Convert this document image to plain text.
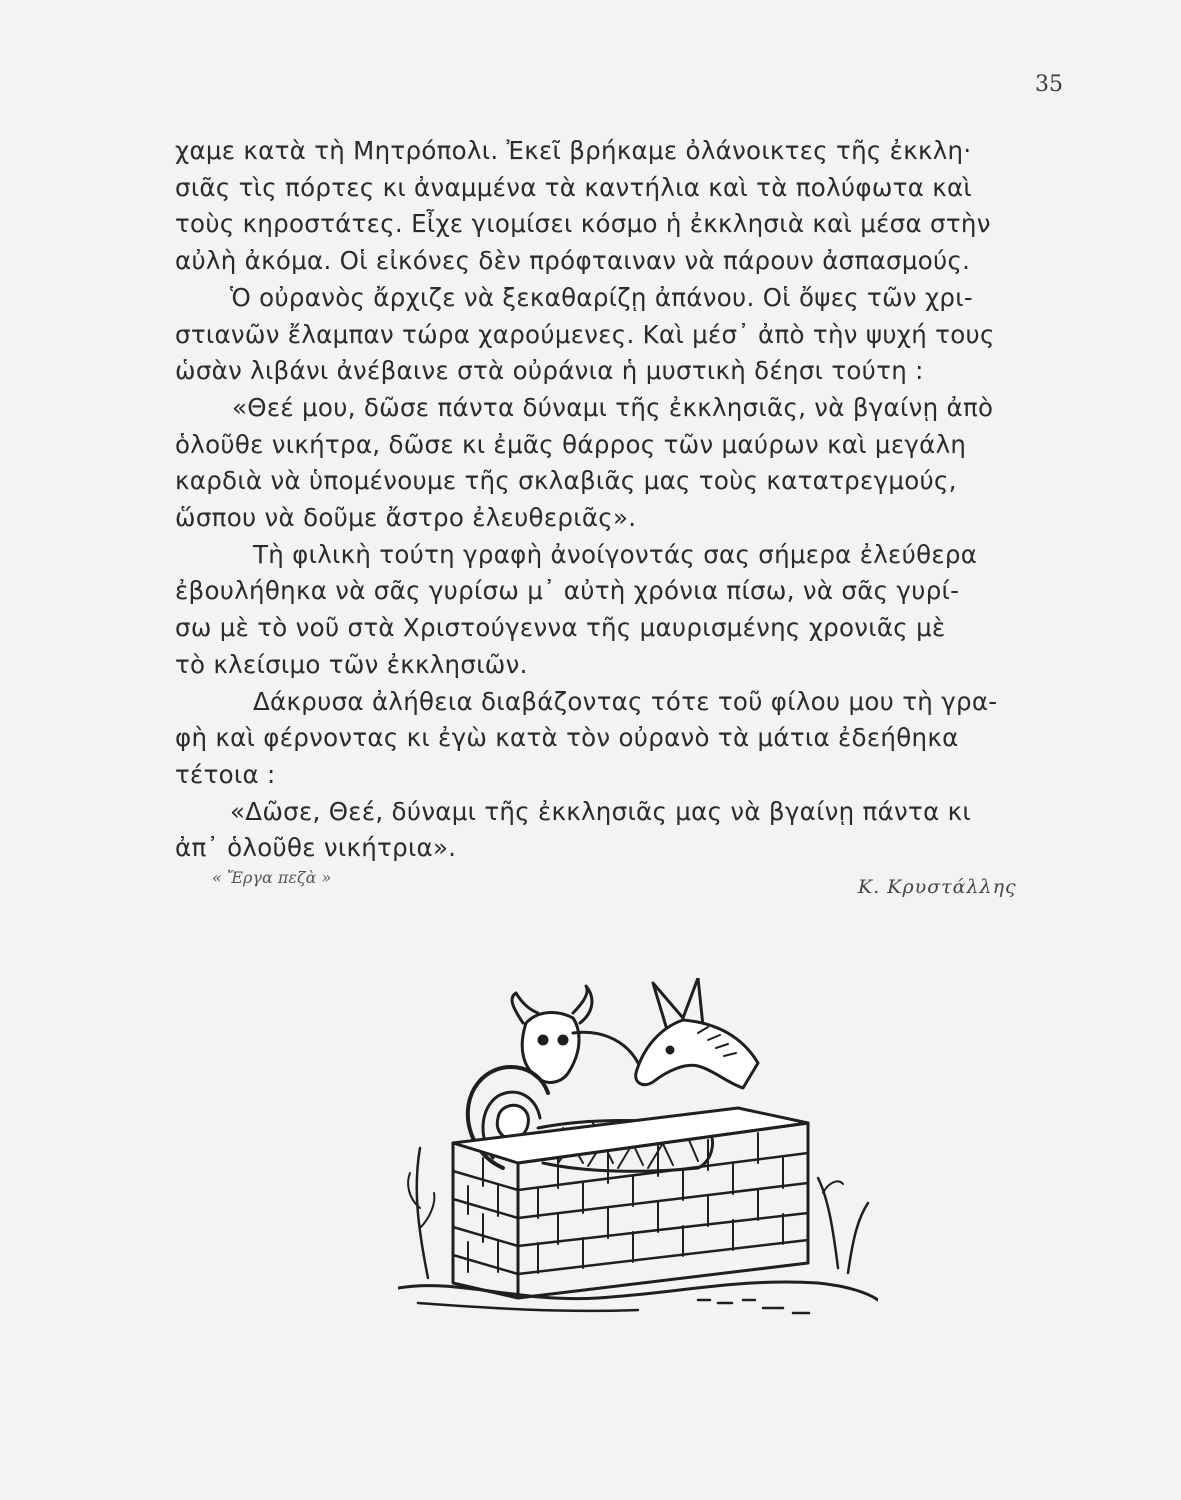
35
χαμε κατὰ τὴ Μητρόπολι. Ἐκεῖ βρήκαμε ὀλάνοικτες τῆς ἐκκλη·
σιᾶς τὶς πόρτες κι ἀναμμένα τὰ καντήλια καὶ τὰ πολύφωτα καὶ
τοὺς κηροστάτες. Εἶχε γιομίσει κόσμο ἡ ἐκκλησιὰ καὶ μέσα στὴν
αὐλὴ ἀκόμα. Οἱ εἰκόνες δὲν πρόφταιναν νὰ πάρουν ἀσπασμούς.
Ὁ οὐρανὸς ἄρχιζε νὰ ξεκαθαρίζῃ ἀπάνου. Οἱ ὄψες τῶν χρι-
στιανῶν ἔλαμπαν τώρα χαρούμενες. Καὶ μέσ᾽ ἀπὸ τὴν ψυχή τους
ὡσὰν λιβάνι ἀνέβαινε στὰ οὐράνια ἡ μυστικὴ δέησι τούτη :
«Θεέ μου, δῶσε πάντα δύναμι τῆς ἐκκλησιᾶς, νὰ βγαίνῃ ἀπὸ
ὁλοῦθε νικήτρα, δῶσε κι ἐμᾶς θάρρος τῶν μαύρων καὶ μεγάλη
καρδιὰ νὰ ὑπομένουμε τῆς σκλαβιᾶς μας τοὺς κατατρεγμούς,
ὥσπου νὰ δοῦμε ἄστρο ἐλευθεριᾶς».
Τὴ φιλικὴ τούτη γραφὴ ἀνοίγοντάς σας σήμερα ἐλεύθερα
ἐβουλήθηκα νὰ σᾶς γυρίσω μ᾽ αὐτὴ χρόνια πίσω, νὰ σᾶς γυρί-
σω μὲ τὸ νοῦ στὰ Χριστούγεννα τῆς μαυρισμένης χρονιᾶς μὲ
τὸ κλείσιμο τῶν ἐκκλησιῶν.
Δάκρυσα ἀλήθεια διαβάζοντας τότε τοῦ φίλου μου τὴ γρα-
φὴ καὶ φέρνοντας κι ἐγὼ κατὰ τὸν οὐρανὸ τὰ μάτια ἐδεήθηκα
τέτοια :
«Δῶσε, Θεέ, δύναμι τῆς ἐκκλησιᾶς μας νὰ βγαίνῃ πάντα κι
ἀπ᾽ ὁλοῦθε νικήτρια».
« Ἔργα πεζὰ »	Κ. Κρυστάλλης
